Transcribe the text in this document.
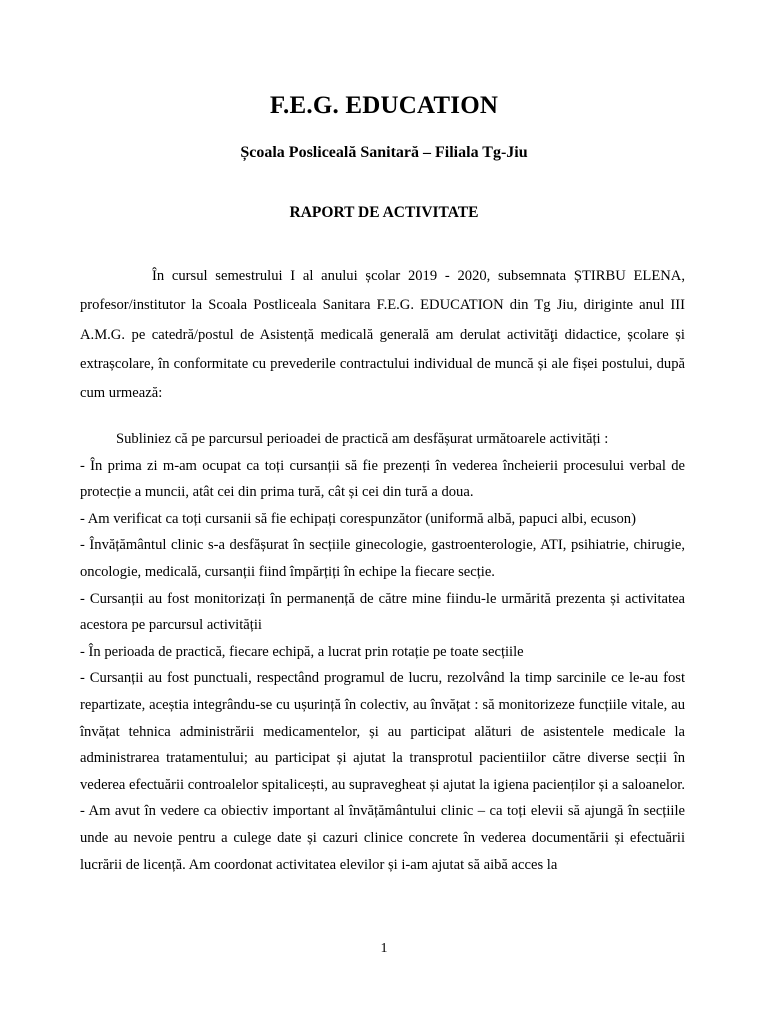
F.E.G. EDUCATION
Școala Posliceală Sanitară – Filiala Tg-Jiu
RAPORT DE ACTIVITATE

În cursul semestrului I al anului școlar 2019 - 2020, subsemnata ȘTIRBU ELENA, profesor/institutor la Scoala Postliceala Sanitara F.E.G. EDUCATION din Tg Jiu, diriginte anul III A.M.G. pe catedră/postul de Asistență medicală generală am derulat activităţi didactice, școlare și extrașcolare, în conformitate cu prevederile contractului individual de muncă și ale fișei postului, după cum urmează:

Subliniez că pe parcursul perioadei de practică am desfășurat următoarele activități :

- În prima zi m-am ocupat ca toți cursanții să fie prezenți în vederea încheierii procesului verbal de protecție a muncii, atât cei din prima tură, cât și cei din tură a doua.

- Am verificat ca toți cursanii să fie echipați corespunzător (uniformă albă, papuci albi, ecuson)

- Învățământul clinic s-a desfășurat în secțiile ginecologie, gastroenterologie, ATI, psihiatrie, chirugie, oncologie, medicală, cursanții fiind împărțiți în echipe la fiecare secție.

- Cursanții au fost monitorizați în permanență de către mine fiindu-le urmărită prezenta și activitatea acestora pe parcursul activității

- În perioada de practică, fiecare echipă, a lucrat prin rotație pe toate secțiile

- Cursanții au fost punctuali, respectând programul de lucru, rezolvând la timp sarcinile ce le-au fost repartizate, aceștia integrându-se cu ușurință în colectiv, au învățat : să monitorizeze funcțiile vitale, au învățat tehnica administrării medicamentelor, și au participat alături de asistentele medicale la administrarea tratamentului; au participat și ajutat la transprotul pacientiilor către diverse secții în vederea efectuării controalelor spitalicești, au supravegheat și ajutat la igiena pacienților și a saloanelor.

- Am avut în vedere ca obiectiv important al învățământului clinic – ca toți elevii să ajungă în secțiile unde au nevoie pentru a culege date și cazuri clinice concrete în vederea documentării și efectuării lucrării de licență. Am coordonat activitatea elevilor și i-am ajutat să aibă acces la

1
